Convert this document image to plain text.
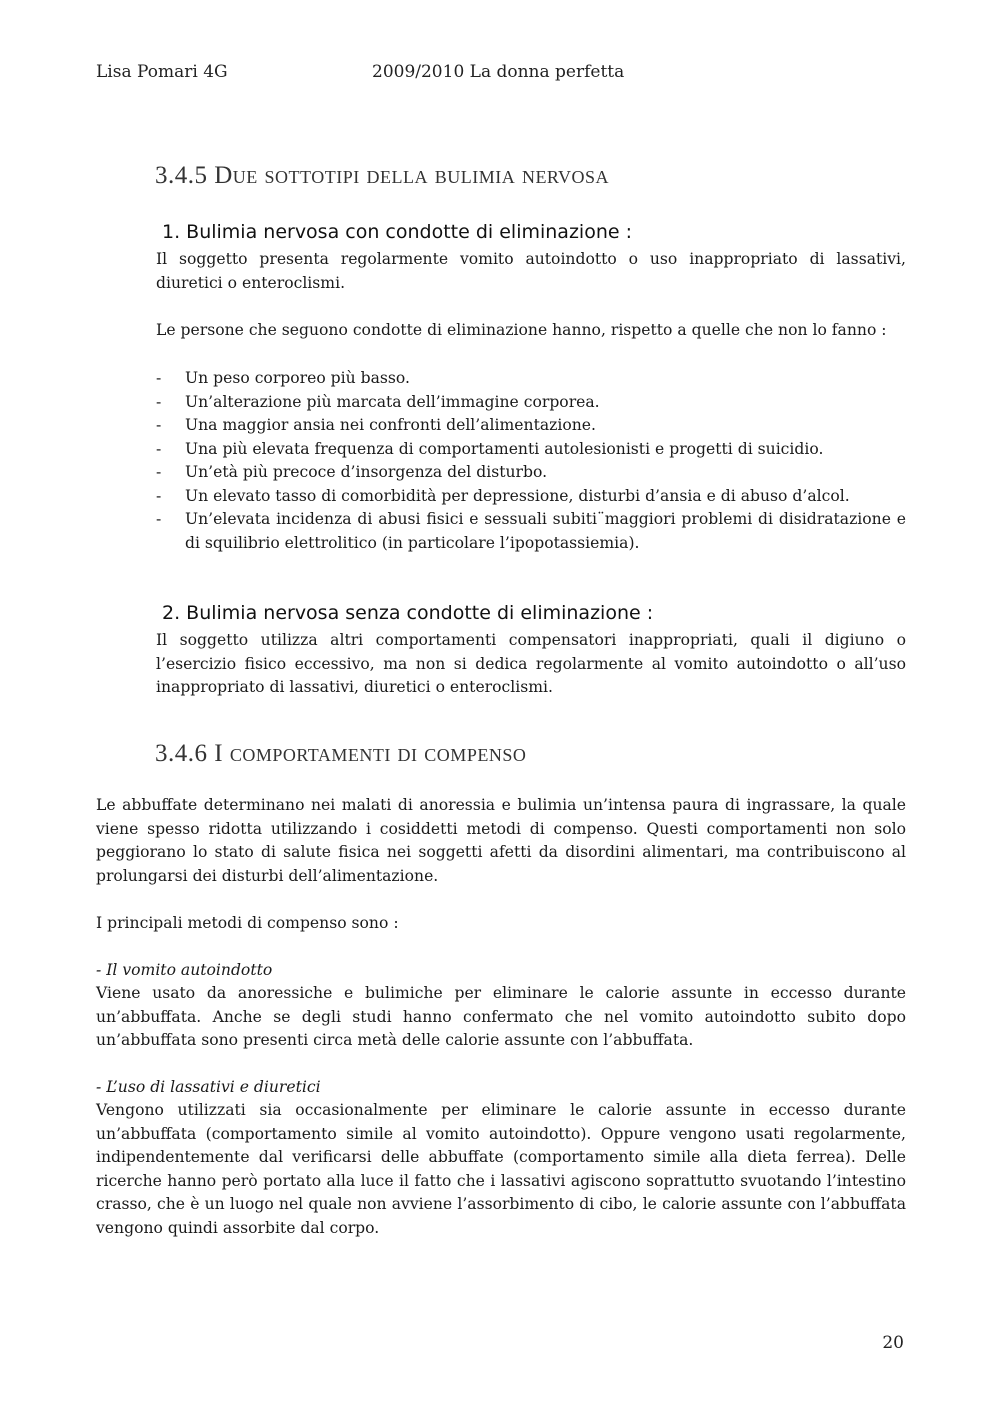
Lisa Pomari 4G	2009/2010 La donna perfetta
3.4.5 Due sottotipi della bulimia nervosa
1. Bulimia nervosa con condotte di eliminazione :
Il soggetto presenta regolarmente vomito autoindotto o uso inappropriato di lassativi, diuretici o enteroclismi.
Le persone che seguono condotte di eliminazione hanno, rispetto a quelle che non lo fanno :
- Un peso corporeo più basso.
- Un’alterazione più marcata dell’immagine corporea.
- Una maggior ansia nei confronti dell’alimentazione.
- Una più elevata frequenza di comportamenti autolesionisti e progetti di suicidio.
- Un’età più precoce d’insorgenza del disturbo.
- Un elevato tasso di comorbidità per depressione, disturbi d’ansia e di abuso d’alcol.
- Un’elevata incidenza di abusi fisici e sessuali subiti¨maggiori problemi di disidratazione e di squilibrio elettrolitico (in particolare l’ipopotassiemia).
2. Bulimia nervosa senza condotte di eliminazione :
Il soggetto utilizza altri comportamenti compensatori inappropriati, quali il digiuno o l’esercizio fisico eccessivo, ma non si dedica regolarmente al vomito autoindotto o all’uso inappropriato di lassativi, diuretici o enteroclismi.
3.4.6 I comportamenti di compenso
Le abbuffate determinano nei malati di anoressia e bulimia un’intensa paura di ingrassare, la quale viene spesso ridotta utilizzando i cosiddetti metodi di compenso. Questi comportamenti non solo peggiorano lo stato di salute fisica nei soggetti afetti da disordini alimentari, ma contribuiscono al prolungarsi dei disturbi dell’alimentazione.
I principali metodi di compenso sono :
- Il vomito autoindotto
Viene usato da anoressiche e bulimiche per eliminare le calorie assunte in eccesso durante un’abbuffata. Anche se degli studi hanno confermato che nel vomito autoindotto subito dopo un’abbuffata sono presenti circa metà delle calorie assunte con l’abbuffata.
- L’uso di lassativi e diuretici
Vengono utilizzati sia occasionalmente per eliminare le calorie assunte in eccesso durante un’abbuffata (comportamento simile al vomito autoindotto). Oppure vengono usati regolarmente, indipendentemente dal verificarsi delle abbuffate (comportamento simile alla dieta ferrea). Delle ricerche hanno però portato alla luce il fatto che i lassativi agiscono soprattutto svuotando l’intestino crasso, che è un luogo nel quale non avviene l’assorbimento di cibo, le calorie assunte con l’abbuffata vengono quindi assorbite dal corpo.
20
